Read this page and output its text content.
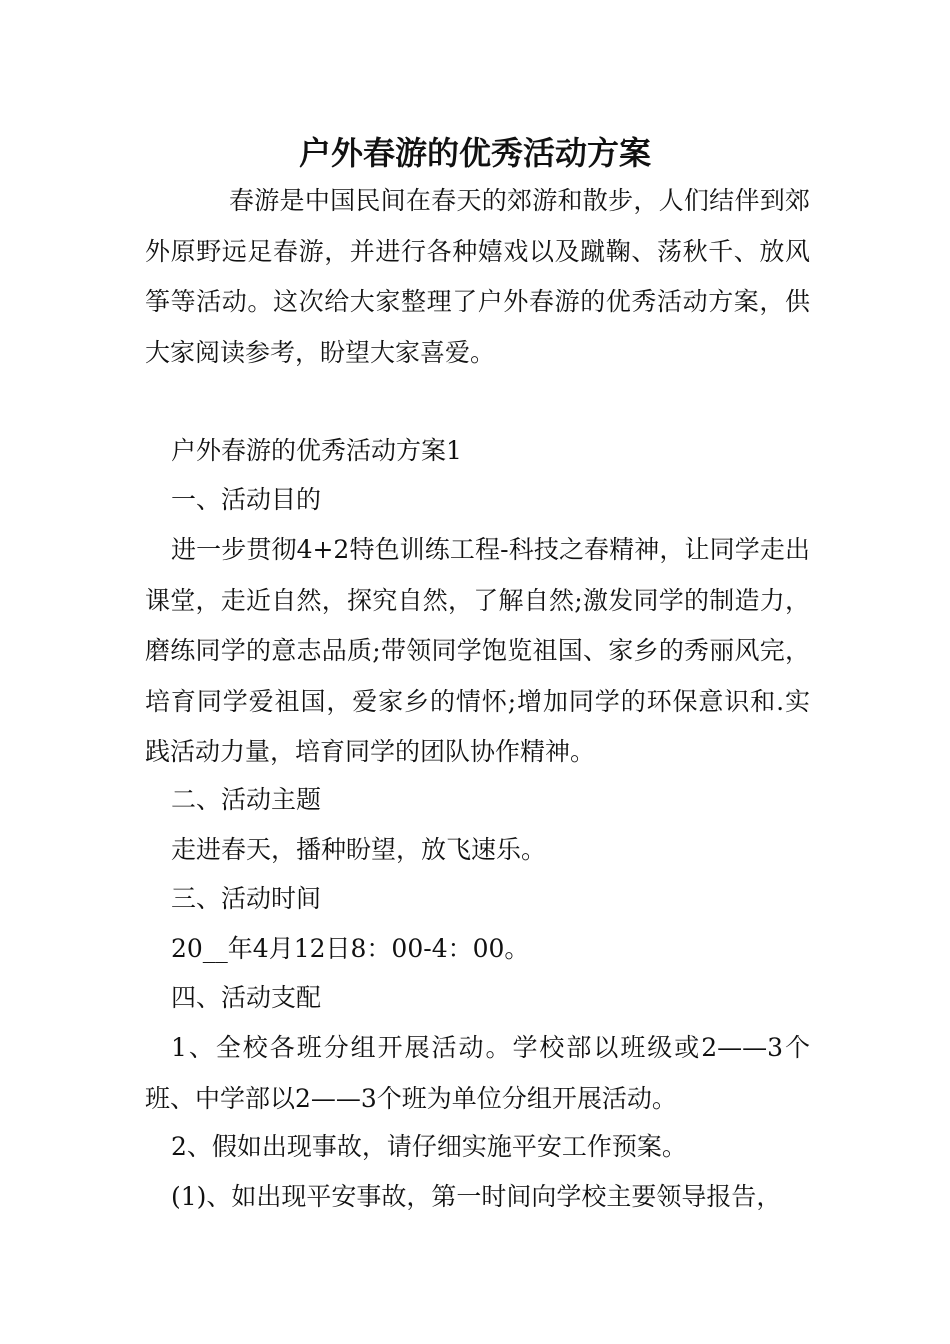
户外春游的优秀活动方案

春游是中国民间在春天的郊游和散步，人们结伴到郊外原野远足春游，并进行各种嬉戏以及蹴鞠、荡秋千、放风筝等活动。这次给大家整理了户外春游的优秀活动方案，供大家阅读参考，盼望大家喜爱。

户外春游的优秀活动方案1

一、活动目的

进一步贯彻4+2特色训练工程-科技之春精神，让同学走出课堂，走近自然，探究自然，了解自然;激发同学的制造力，磨练同学的意志品质;带领同学饱览祖国、家乡的秀丽风完，培育同学爱祖国，爱家乡的情怀;增加同学的环保意识和.实践活动力量，培育同学的团队协作精神。

二、活动主题

走进春天，播种盼望，放飞速乐。

三、活动时间

20__年4月12日8：00-4：00。

四、活动支配

1、全校各班分组开展活动。学校部以班级或2——3个班、中学部以2——3个班为单位分组开展活动。

2、假如出现事故，请仔细实施平安工作预案。

(1)、如出现平安事故，第一时间向学校主要领导报告，
